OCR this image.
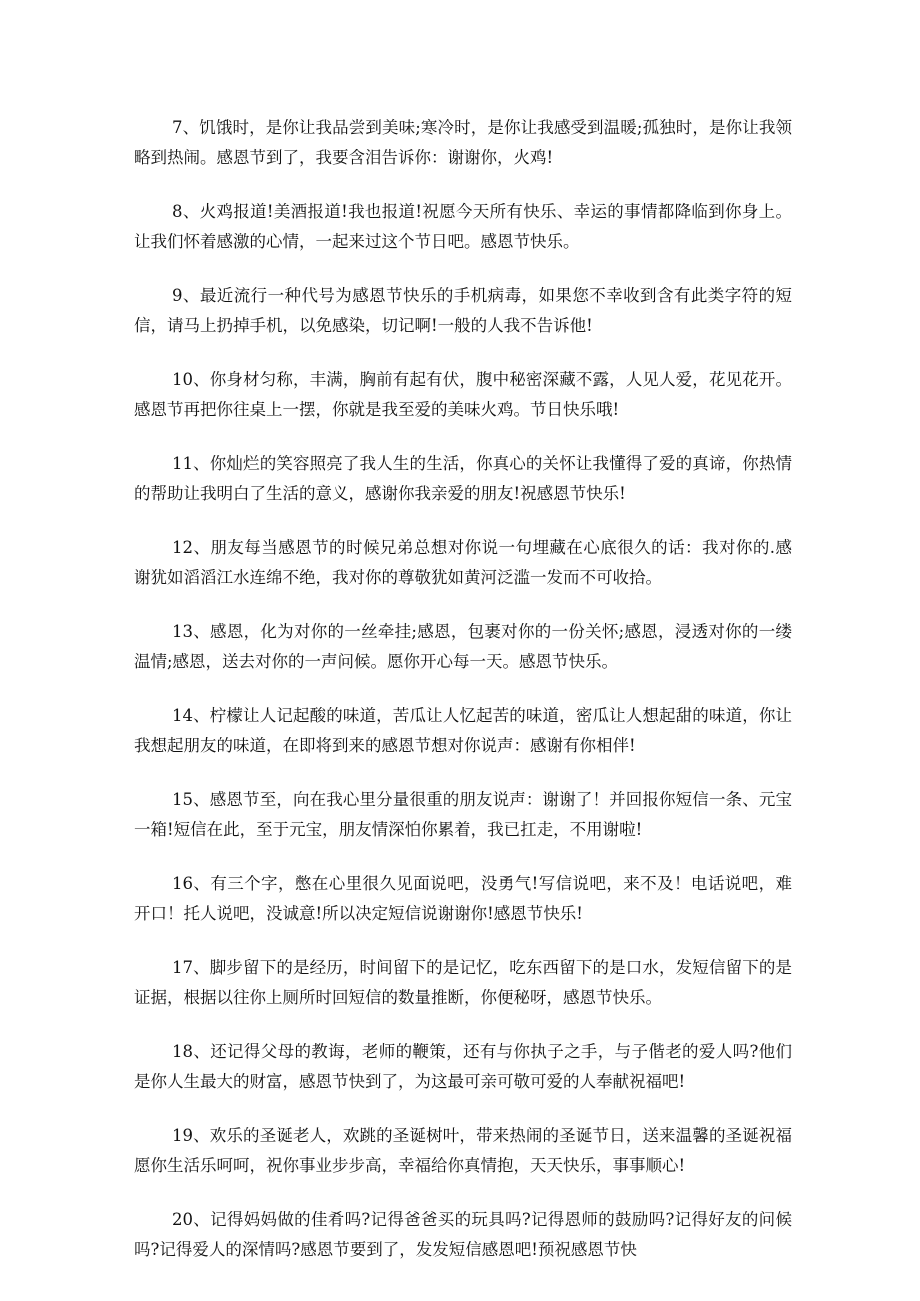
7、饥饿时，是你让我品尝到美味;寒冷时，是你让我感受到温暖;孤独时，是你让我领略到热闹。感恩节到了，我要含泪告诉你：谢谢你，火鸡!

8、火鸡报道!美酒报道!我也报道!祝愿今天所有快乐、幸运的事情都降临到你身上。让我们怀着感激的心情，一起来过这个节日吧。感恩节快乐。

9、最近流行一种代号为感恩节快乐的手机病毒，如果您不幸收到含有此类字符的短信，请马上扔掉手机，以免感染，切记啊!一般的人我不告诉他!

10、你身材匀称，丰满，胸前有起有伏，腹中秘密深藏不露，人见人爱，花见花开。感恩节再把你往桌上一摆，你就是我至爱的美味火鸡。节日快乐哦!

11、你灿烂的笑容照亮了我人生的生活，你真心的关怀让我懂得了爱的真谛，你热情的帮助让我明白了生活的意义，感谢你我亲爱的朋友!祝感恩节快乐!

12、朋友每当感恩节的时候兄弟总想对你说一句埋藏在心底很久的话：我对你的.感谢犹如滔滔江水连绵不绝，我对你的尊敬犹如黄河泛滥一发而不可收拾。

13、感恩，化为对你的一丝牵挂;感恩，包裹对你的一份关怀;感恩，浸透对你的一缕温情;感恩，送去对你的一声问候。愿你开心每一天。感恩节快乐。

14、柠檬让人记起酸的味道，苦瓜让人忆起苦的味道，密瓜让人想起甜的味道，你让我想起朋友的味道，在即将到来的感恩节想对你说声：感谢有你相伴!

15、感恩节至，向在我心里分量很重的朋友说声：谢谢了！并回报你短信一条、元宝一箱!短信在此，至于元宝，朋友情深怕你累着，我已扛走，不用谢啦!

16、有三个字，憋在心里很久见面说吧，没勇气!写信说吧，来不及！电话说吧，难开口！托人说吧，没诚意!所以决定短信说谢谢你!感恩节快乐!

17、脚步留下的是经历，时间留下的是记忆，吃东西留下的是口水，发短信留下的是证据，根据以往你上厕所时回短信的数量推断，你便秘呀，感恩节快乐。

18、还记得父母的教诲，老师的鞭策，还有与你执子之手，与子偕老的爱人吗?他们是你人生最大的财富，感恩节快到了，为这最可亲可敬可爱的人奉献祝福吧!

19、欢乐的圣诞老人，欢跳的圣诞树叶，带来热闹的圣诞节日，送来温馨的圣诞祝福愿你生活乐呵呵，祝你事业步步高，幸福给你真情抱，天天快乐，事事顺心!

20、记得妈妈做的佳肴吗?记得爸爸买的玩具吗?记得恩师的鼓励吗?记得好友的问候吗?记得爱人的深情吗?感恩节要到了，发发短信感恩吧!预祝感恩节快
